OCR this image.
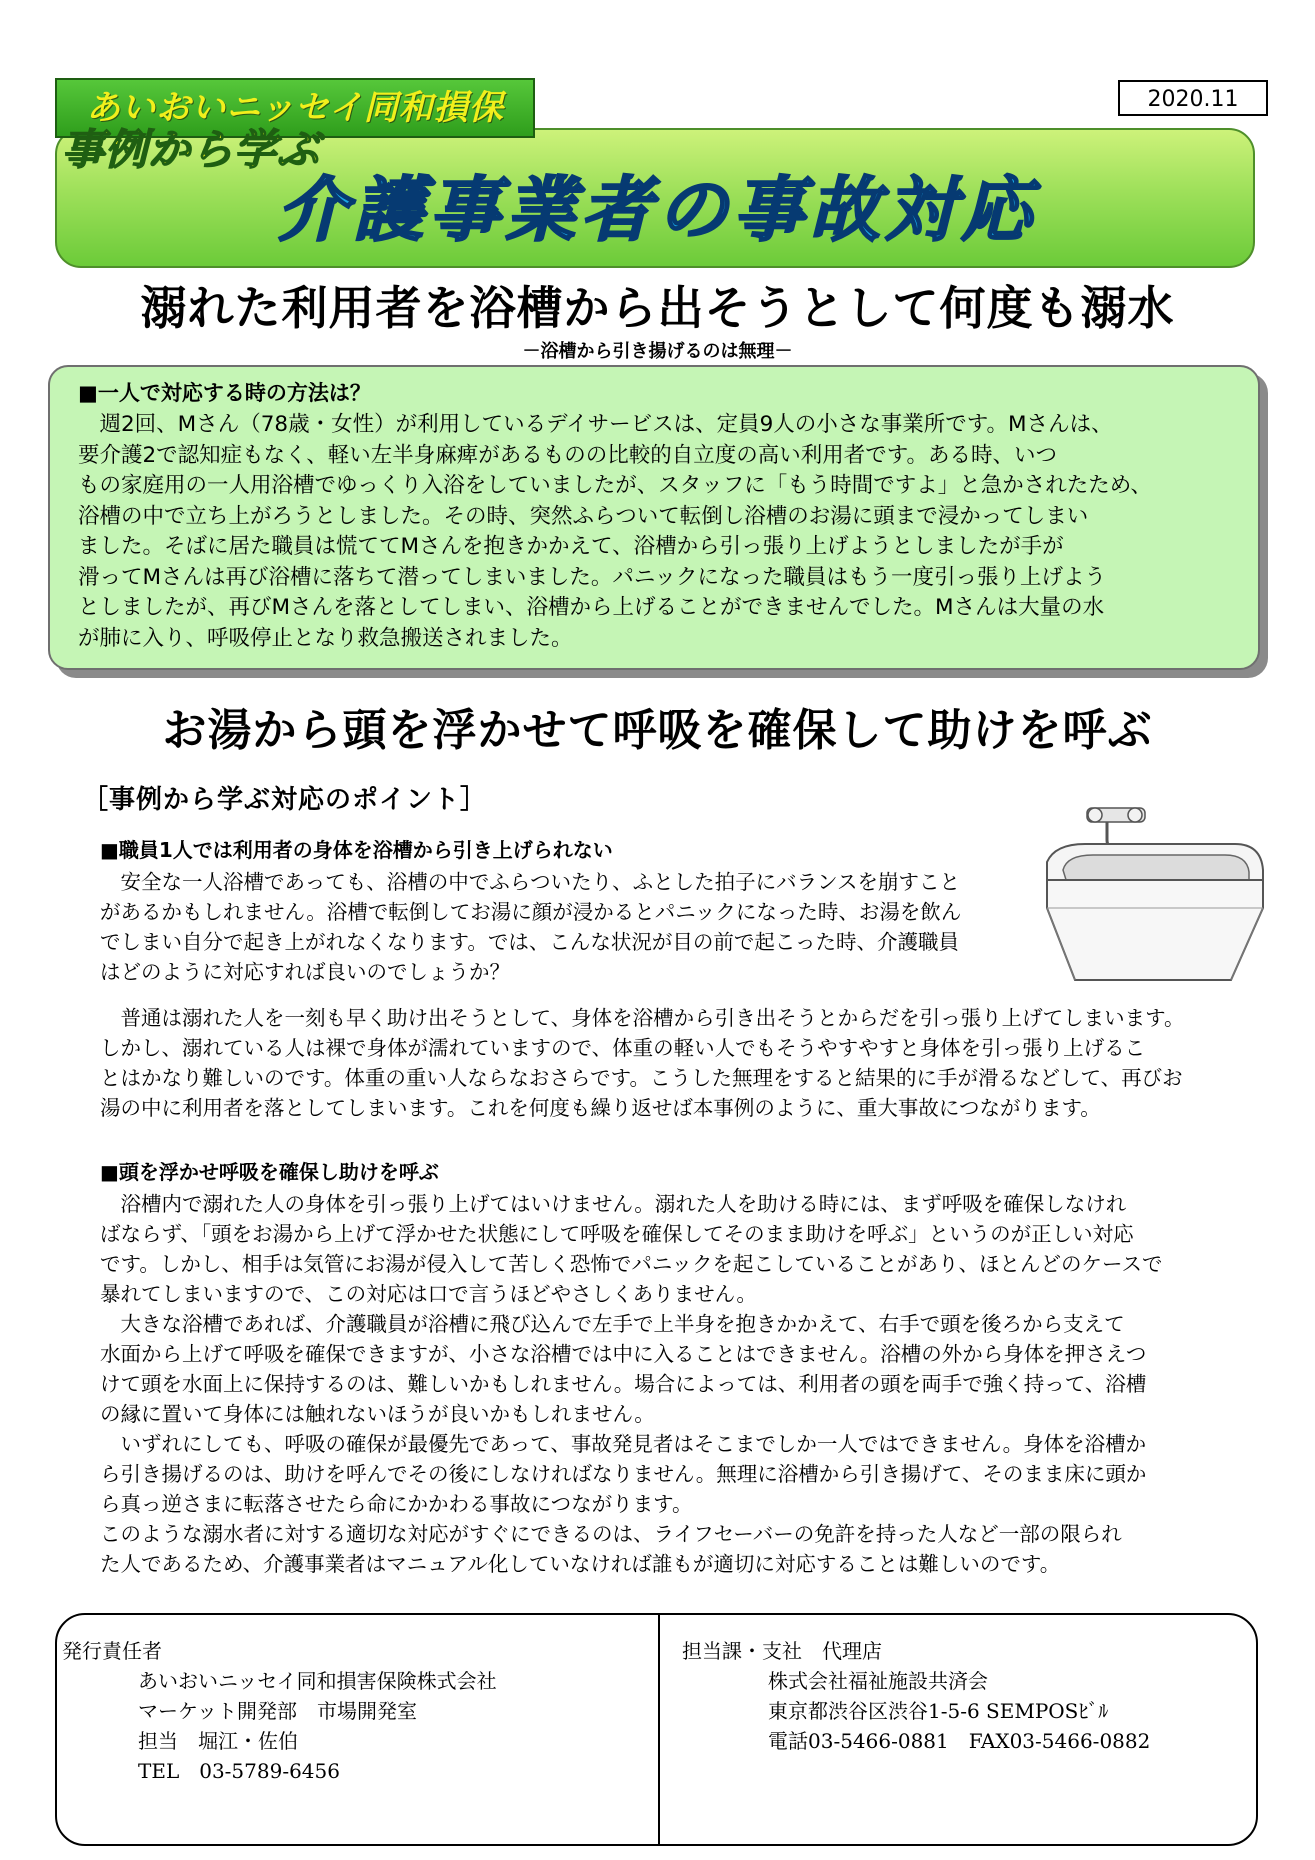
2020.11
あいおいニッセイ同和損保
事例から学ぶ
介護事業者の事故対応
溺れた利用者を浴槽から出そうとして何度も溺水
－浴槽から引き揚げるのは無理－
■一人で対応する時の方法は？

　週2回、Mさん（78歳・女性）が利用しているデイサービスは、定員9人の小さな事業所です。Mさんは、

要介護2で認知症もなく、軽い左半身麻痺があるものの比較的自立度の高い利用者です。ある時、いつ

もの家庭用の一人用浴槽でゆっくり入浴をしていましたが、スタッフに「もう時間ですよ」と急かされたため、

浴槽の中で立ち上がろうとしました。その時、突然ふらついて転倒し浴槽のお湯に頭まで浸かってしまい

ました。そばに居た職員は慌ててMさんを抱きかかえて、浴槽から引っ張り上げようとしましたが手が

滑ってMさんは再び浴槽に落ちて潜ってしまいました。パニックになった職員はもう一度引っ張り上げよう

としましたが、再びMさんを落としてしまい、浴槽から上げることができませんでした。Mさんは大量の水

が肺に入り、呼吸停止となり救急搬送されました。

お湯から頭を浮かせて呼吸を確保して助けを呼ぶ
［事例から学ぶ対応のポイント］
■職員1人では利用者の身体を浴槽から引き上げられない

　安全な一人浴槽であっても、浴槽の中でふらついたり、ふとした拍子にバランスを崩すこと

があるかもしれません。浴槽で転倒してお湯に顔が浸かるとパニックになった時、お湯を飲ん

でしまい自分で起き上がれなくなります。では、こんな状況が目の前で起こった時、介護職員

はどのように対応すれば良いのでしょうか？

　普通は溺れた人を一刻も早く助け出そうとして、身体を浴槽から引き出そうとからだを引っ張り上げてしまいます。

しかし、溺れている人は裸で身体が濡れていますので、体重の軽い人でもそうやすやすと身体を引っ張り上げるこ

とはかなり難しいのです。体重の重い人ならなおさらです。こうした無理をすると結果的に手が滑るなどして、再びお

湯の中に利用者を落としてしまいます。これを何度も繰り返せば本事例のように、重大事故につながります。

■頭を浮かせ呼吸を確保し助けを呼ぶ

　浴槽内で溺れた人の身体を引っ張り上げてはいけません。溺れた人を助ける時には、まず呼吸を確保しなけれ

ばならず、「頭をお湯から上げて浮かせた状態にして呼吸を確保してそのまま助けを呼ぶ」というのが正しい対応

です。しかし、相手は気管にお湯が侵入して苦しく恐怖でパニックを起こしていることがあり、ほとんどのケースで

暴れてしまいますので、この対応は口で言うほどやさしくありません。

　大きな浴槽であれば、介護職員が浴槽に飛び込んで左手で上半身を抱きかかえて、右手で頭を後ろから支えて

水面から上げて呼吸を確保できますが、小さな浴槽では中に入ることはできません。浴槽の外から身体を押さえつ

けて頭を水面上に保持するのは、難しいかもしれません。場合によっては、利用者の頭を両手で強く持って、浴槽

の縁に置いて身体には触れないほうが良いかもしれません。

　いずれにしても、呼吸の確保が最優先であって、事故発見者はそこまでしか一人ではできません。身体を浴槽か

ら引き揚げるのは、助けを呼んでその後にしなければなりません。無理に浴槽から引き揚げて、そのまま床に頭か

ら真っ逆さまに転落させたら命にかかわる事故につながります。

このような溺水者に対する適切な対応がすぐにできるのは、ライフセーバーの免許を持った人など一部の限られ

た人であるため、介護事業者はマニュアル化していなければ誰もが適切に対応することは難しいのです。

発行責任者
あいおいニッセイ同和損害保険株式会社
マーケット開発部　市場開発室
担当　堀江・佐伯
TEL　03-5789-6456
担当課・支社　代理店
株式会社福祉施設共済会
東京都渋谷区渋谷1-5-6 SEMPOSﾋﾞﾙ
電話03-5466-0881　FAX03-5466-0882
